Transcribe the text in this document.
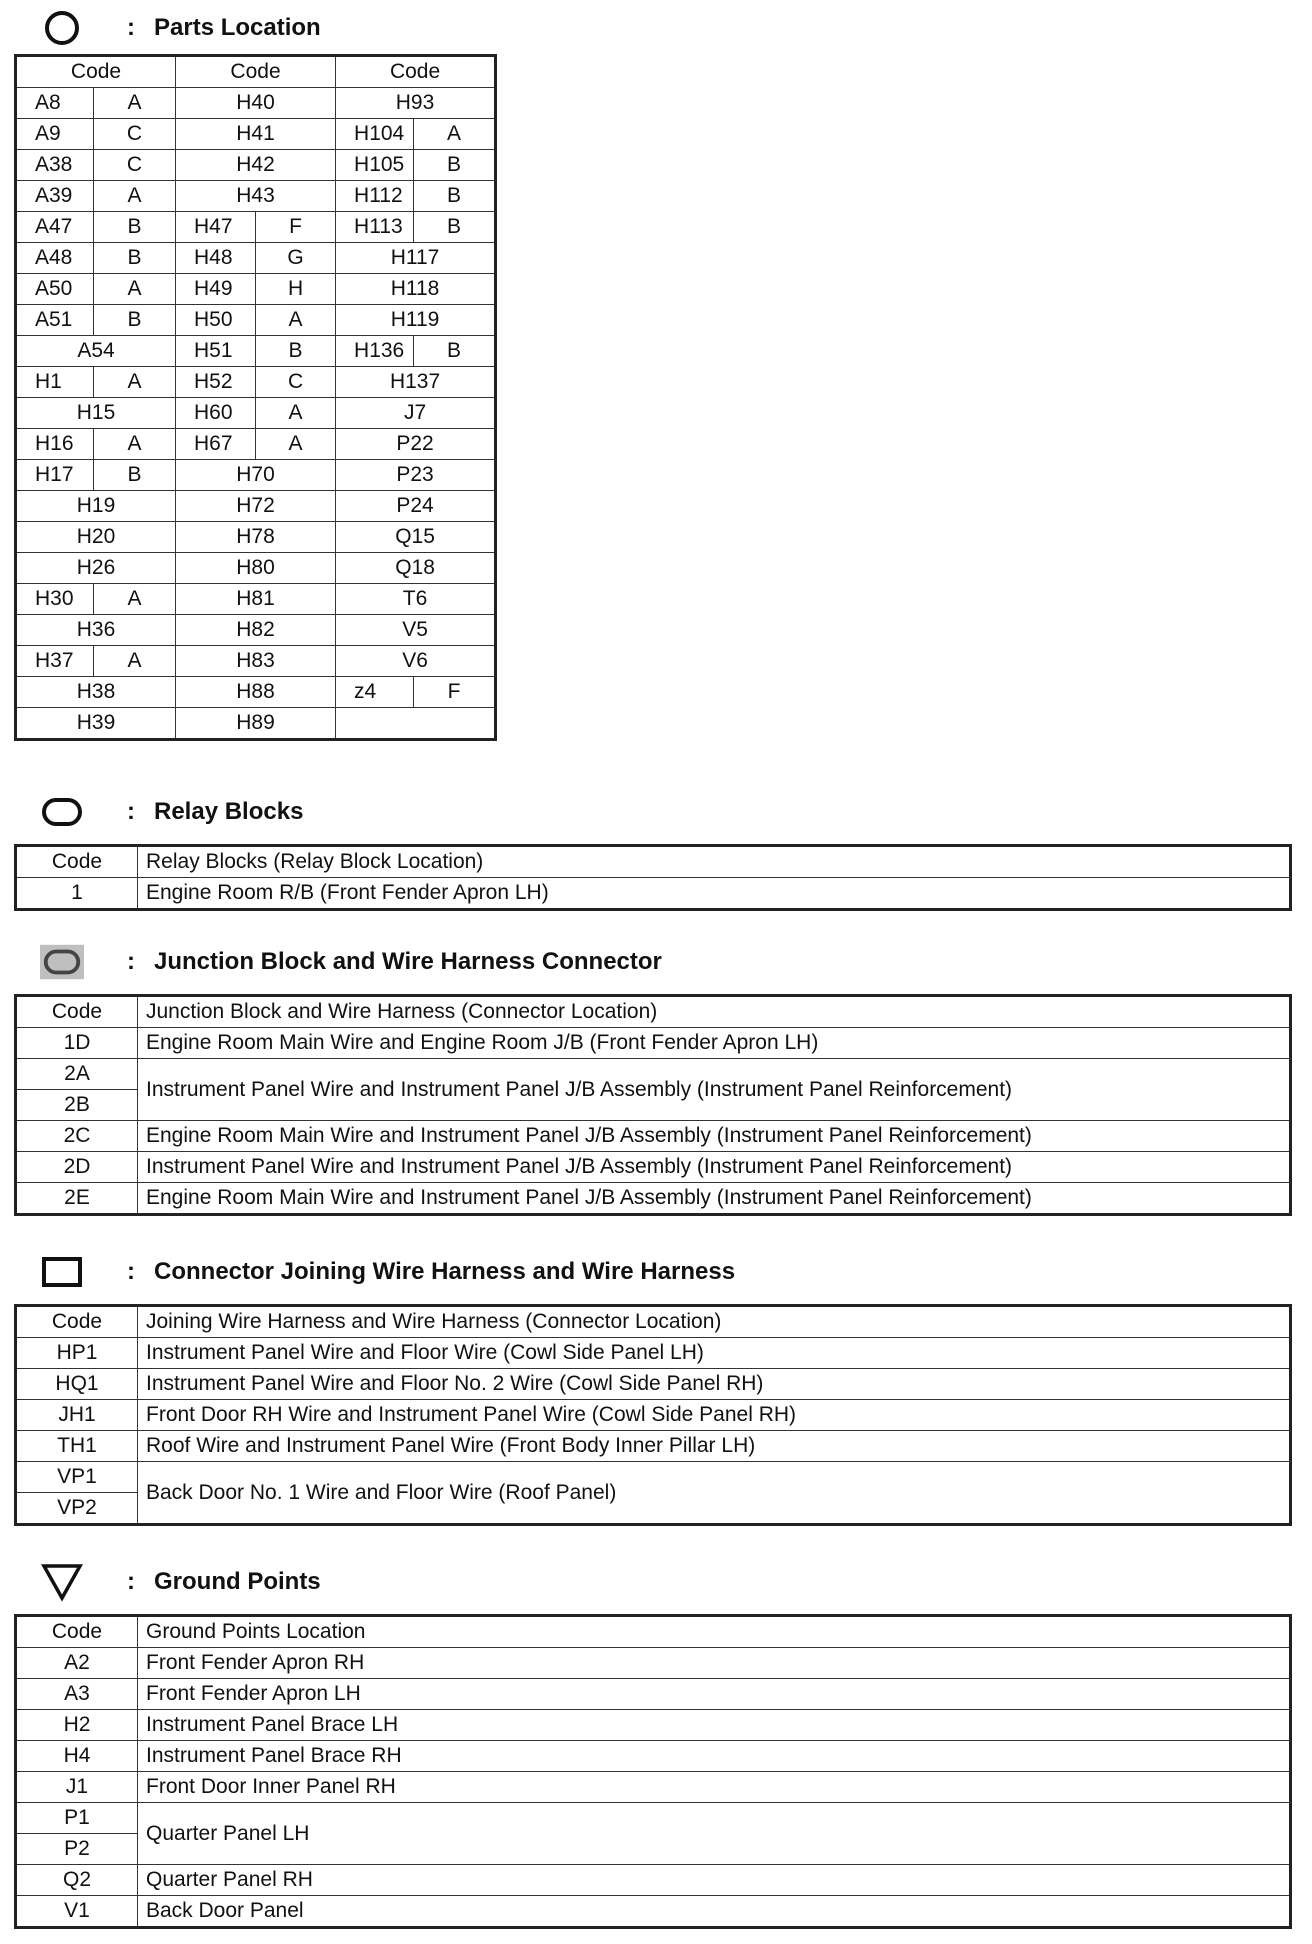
: Parts Location
Code		Code		Code	
A8	A	H40		H93	
A9	C	H41		H104	A
A38	C	H42		H105	B
A39	A	H43		H112	B
A47	B	H47	F	H113	B
A48	B	H48	G	H117	
A50	A	H49	H	H118	
A51	B	H50	A	H119	
A54		H51	B	H136	B
H1	A	H52	C	H137	
H15		H60	A	J7	
H16	A	H67	A	P22	
H17	B	H70		P23	
H19		H72		P24	
H20		H78		Q15	
H26		H80		Q18	
H30	A	H81		T6	
H36		H82		V5	
H37	A	H83		V6	
H38		H88		z4	F
H39		H89			
: Relay Blocks
Code	Relay Blocks (Relay Block Location)
1	Engine Room R/B (Front Fender Apron LH)
: Junction Block and Wire Harness Connector
Code	Junction Block and Wire Harness (Connector Location)
1D	Engine Room Main Wire and Engine Room J/B (Front Fender Apron LH)
2A	Instrument Panel Wire and Instrument Panel J/B Assembly (Instrument Panel Reinforcement)
2B	
2C	Engine Room Main Wire and Instrument Panel J/B Assembly (Instrument Panel Reinforcement)
2D	Instrument Panel Wire and Instrument Panel J/B Assembly (Instrument Panel Reinforcement)
2E	Engine Room Main Wire and Instrument Panel J/B Assembly (Instrument Panel Reinforcement)
: Connector Joining Wire Harness and Wire Harness
Code	Joining Wire Harness and Wire Harness (Connector Location)
HP1	Instrument Panel Wire and Floor Wire (Cowl Side Panel LH)
HQ1	Instrument Panel Wire and Floor No. 2 Wire (Cowl Side Panel RH)
JH1	Front Door RH Wire and Instrument Panel Wire (Cowl Side Panel RH)
TH1	Roof Wire and Instrument Panel Wire (Front Body Inner Pillar LH)
VP1	Back Door No. 1 Wire and Floor Wire (Roof Panel)
VP2	
: Ground Points
Code	Ground Points Location
A2	Front Fender Apron RH
A3	Front Fender Apron LH
H2	Instrument Panel Brace LH
H4	Instrument Panel Brace RH
J1	Front Door Inner Panel RH
P1	Quarter Panel LH
P2	
Q2	Quarter Panel RH
V1	Back Door Panel
